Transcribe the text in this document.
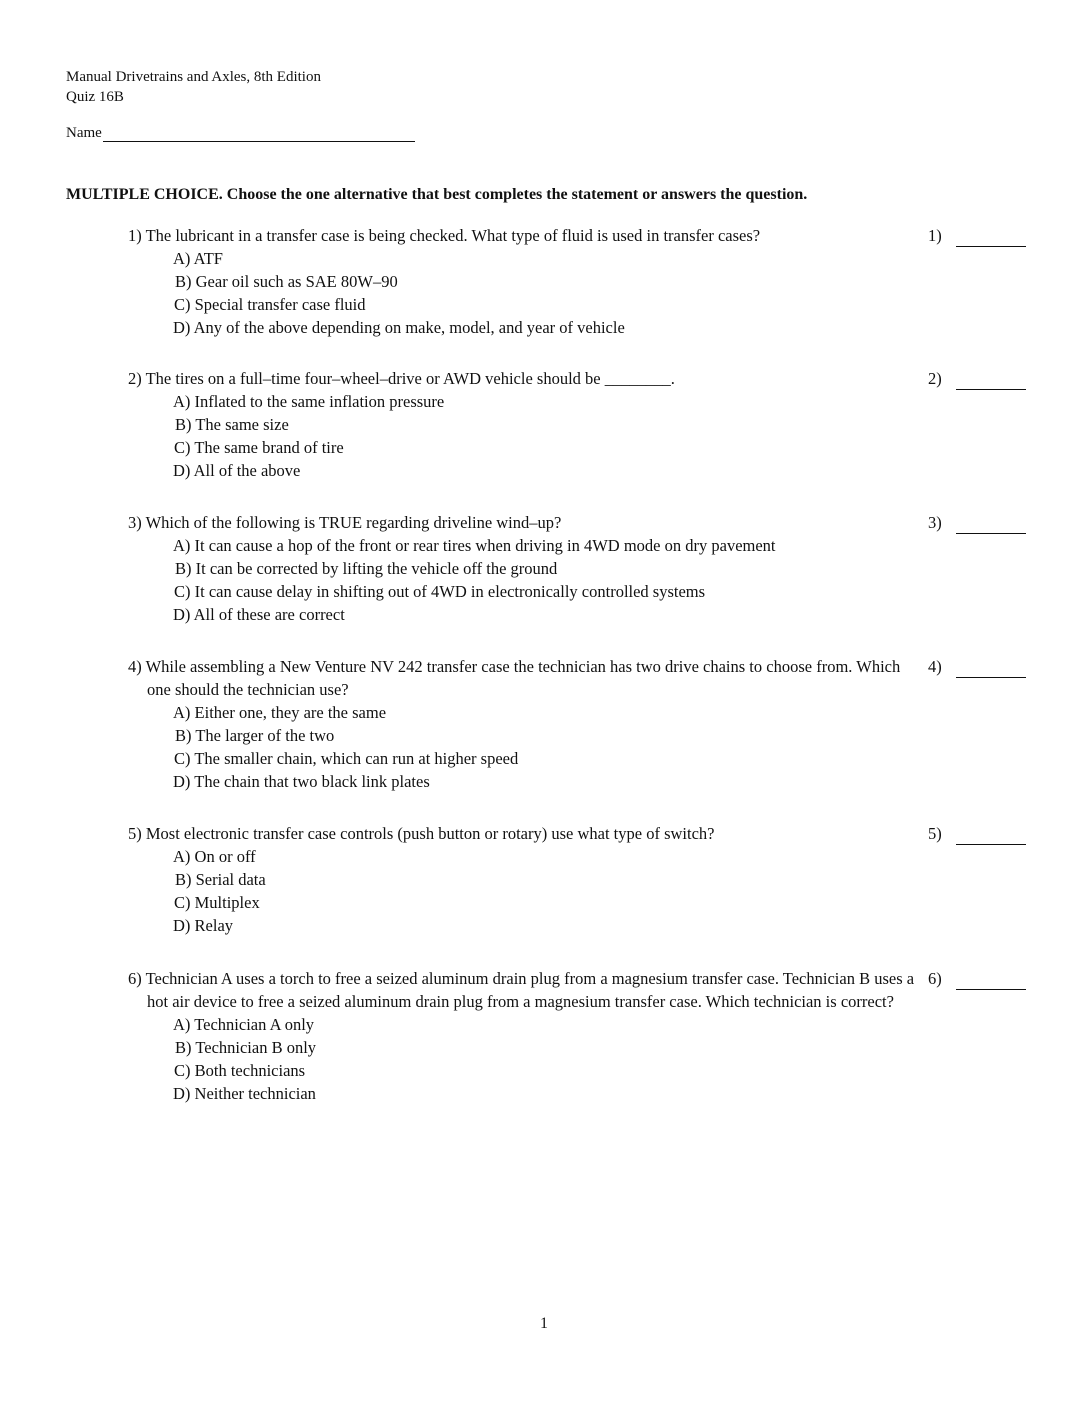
Manual Drivetrains and Axles, 8th Edition
Quiz 16B
Name
MULTIPLE CHOICE. Choose the one alternative that best completes the statement or answers the question.
1) The lubricant in a transfer case is being checked. What type of fluid is used in transfer cases?
A) ATF
B) Gear oil such as SAE 80W–90
C) Special transfer case fluid
D) Any of the above depending on make, model, and year of vehicle
1)
2) The tires on a full–time four–wheel–drive or AWD vehicle should be ________.
A) Inflated to the same inflation pressure
B) The same size
C) The same brand of tire
D) All of the above
2)
3) Which of the following is TRUE regarding driveline wind–up?
A) It can cause a hop of the front or rear tires when driving in 4WD mode on dry pavement
B) It can be corrected by lifting the vehicle off the ground
C) It can cause delay in shifting out of 4WD in electronically controlled systems
D) All of these are correct
3)
4) While assembling a New Venture NV 242 transfer case the technician has two drive chains to choose from. Which one should the technician use?
A) Either one, they are the same
B) The larger of the two
C) The smaller chain, which can run at higher speed
D) The chain that two black link plates
4)
5) Most electronic transfer case controls (push button or rotary) use what type of switch?
A) On or off
B) Serial data
C) Multiplex
D) Relay
5)
6) Technician A uses a torch to free a seized aluminum drain plug from a magnesium transfer case. Technician B uses a hot air device to free a seized aluminum drain plug from a magnesium transfer case. Which technician is correct?
A) Technician A only
B) Technician B only
C) Both technicians
D) Neither technician
6)
1
